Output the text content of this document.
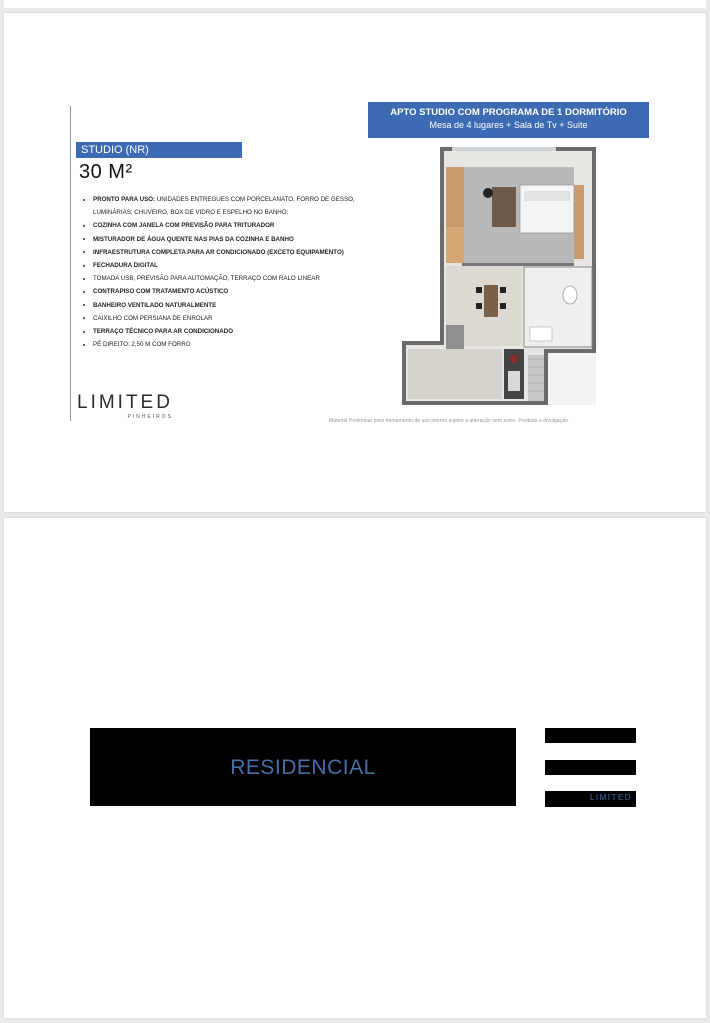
STUDIO (NR)
30 M²
PRONTO PARA USO: UNIDADES ENTREGUES COM PORCELANATO, FORRO DE GESSO,
LUMINÁRIAS, CHUVEIRO, BOX DE VIDRO E ESPELHO NO BANHO;
COZINHA COM JANELA COM PREVISÃO PARA TRITURADOR
MISTURADOR DE ÁGUA QUENTE NAS PIAS DA COZINHA E BANHO
INFRAESTRUTURA COMPLETA PARA AR CONDICIONADO (EXCETO EQUIPAMENTO)
FECHADURA DIGITAL
TOMADA USB, PREVISÃO PARA AUTOMAÇÃO, TERRAÇO COM RALO LINEAR
CONTRAPISO COM TRATAMENTO ACÚSTICO
BANHEIRO VENTILADO NATURALMENTE
CAIXILHO COM PERSIANA DE ENROLAR
TERRAÇO TÉCNICO PARA AR CONDICIONADO
PÉ DIREITO: 2,50 M COM FORRO
LIMITED
PINHEIROS
APTO STUDIO COM PROGRAMA DE 1 DORMITÓRIO
Mesa de 4 lugares + Sala de Tv + Suite
Material Preliminar para treinamento de uso interno sujeito a alteração sem aviso. Proibida a divulgação.
RESIDENCIAL
LIMITED
